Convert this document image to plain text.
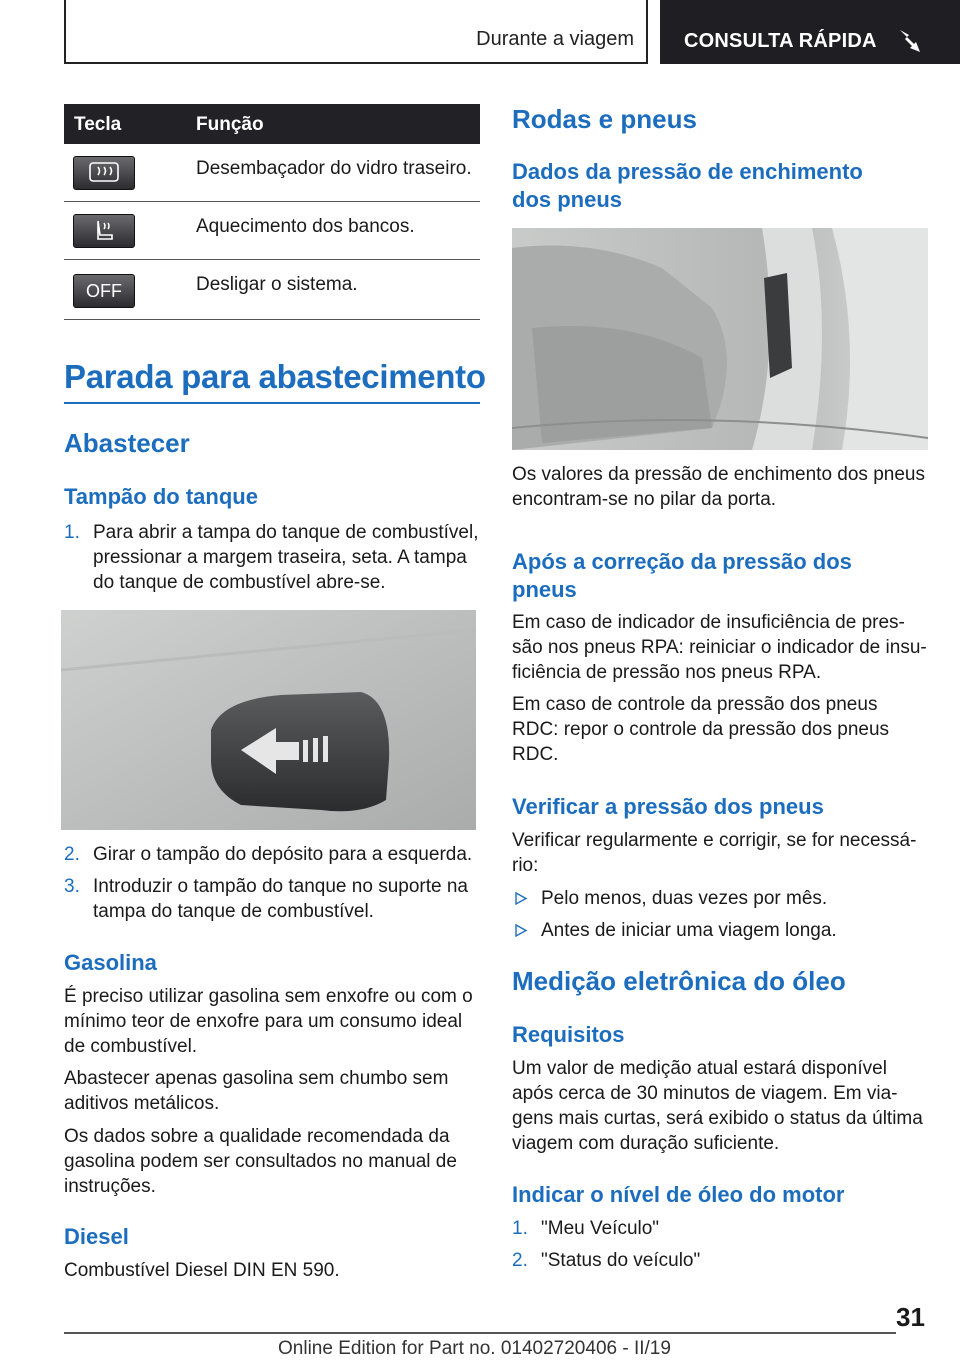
Durante a viagem	CONSULTA RÁPIDA
Tecla	Função
Desembaçador do vidro traseiro.
Aquecimento dos bancos.
OFF	Desligar o sistema.
Parada para abastecimento
Abastecer
Tampão do tanque
1. Para abrir a tampa do tanque de combustível,
pressionar a margem traseira, seta. A tampa
do tanque de combustível abre-se.
2. Girar o tampão do depósito para a esquerda.
3. Introduzir o tampão do tanque no suporte na
tampa do tanque de combustível.
Gasolina
É preciso utilizar gasolina sem enxofre ou com o
mínimo teor de enxofre para um consumo ideal
de combustível.
Abastecer apenas gasolina sem chumbo sem
aditivos metálicos.
Os dados sobre a qualidade recomendada da
gasolina podem ser consultados no manual de
instruções.
Diesel
Combustível Diesel DIN EN 590.
Rodas e pneus
Dados da pressão de enchimento
dos pneus
Os valores da pressão de enchimento dos pneus
encontram-se no pilar da porta.
Após a correção da pressão dos
pneus
Em caso de indicador de insuficiência de pres-
são nos pneus RPA: reiniciar o indicador de insu-
ficiência de pressão nos pneus RPA.
Em caso de controle da pressão dos pneus
RDC: repor o controle da pressão dos pneus
RDC.
Verificar a pressão dos pneus
Verificar regularmente e corrigir, se for necessá-
rio:
Pelo menos, duas vezes por mês.
Antes de iniciar uma viagem longa.
Medição eletrônica do óleo
Requisitos
Um valor de medição atual estará disponível
após cerca de 30 minutos de viagem. Em via-
gens mais curtas, será exibido o status da última
viagem com duração suficiente.
Indicar o nível de óleo do motor
1. "Meu Veículo"
2. "Status do veículo"
31
Online Edition for Part no. 01402720406 - II/19
